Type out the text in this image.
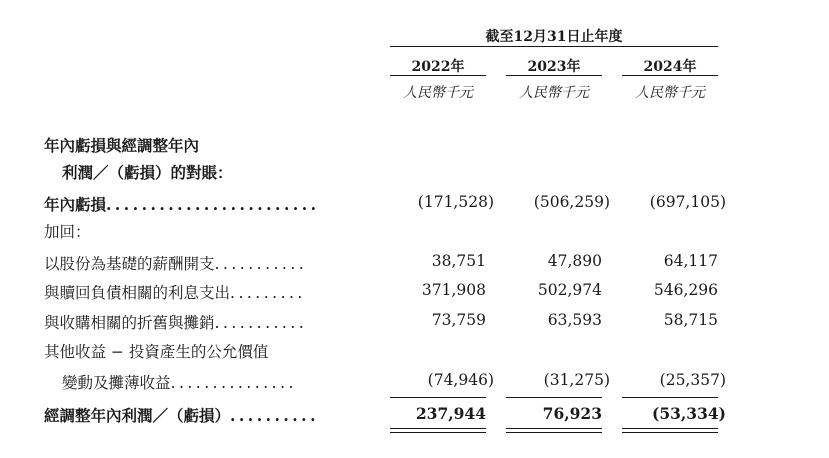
截至12月31日止年度
2022年	2023年	2024年
人民幣千元	人民幣千元	人民幣千元
年內虧損與經調整年內
利潤／（虧損）的對賬：
年內虧損........................	(171,528)	(506,259)	(697,105)
加回：
以股份為基礎的薪酬開支...........	38,751	47,890	64,117
與贖回負債相關的利息支出.........	371,908	502,974	546,296
與收購相關的折舊與攤銷...........	73,759	63,593	58,715
其他收益 − 投資產生的公允價值
變動及攤薄收益...............	(74,946)	(31,275)	(25,357)
經調整年內利潤／（虧損）..........	237,944	76,923	(53,334)
